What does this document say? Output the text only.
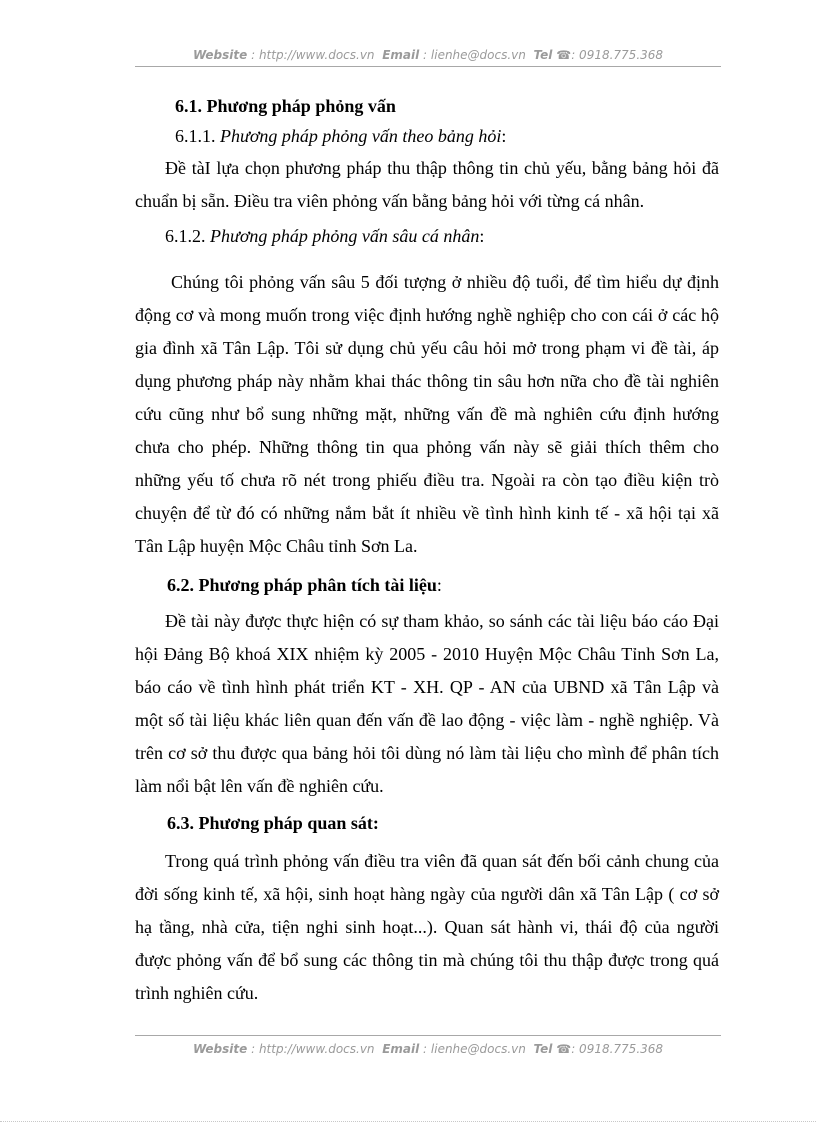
Website : http://www.docs.vn Email : lienhe@docs.vn Tel ☎: 0918.775.368
6.1. Phương pháp phỏng vấn
6.1.1. Phương pháp phỏng vấn theo bảng hỏi:

Đề tàI lựa chọn phương pháp thu thập thông tin chủ yếu, bằng bảng hỏi đã chuẩn bị sẵn. Điều tra viên phỏng vấn bằng bảng hỏi với từng cá nhân.

6.1.2. Phương pháp phỏng vấn sâu cá nhân:

Chúng tôi phỏng vấn sâu 5 đối tượng ở nhiều độ tuổi, để tìm hiểu dự định động cơ và mong muốn trong việc định hướng nghề nghiệp cho con cái ở các hộ gia đình xã Tân Lập. Tôi sử dụng chủ yếu câu hỏi mở trong phạm vi đề tài, áp dụng phương pháp này nhằm khai thác thông tin sâu hơn nữa cho đề tài nghiên cứu cũng như bổ sung những mặt, những vấn đề mà nghiên cứu định hướng chưa cho phép. Những thông tin qua phỏng vấn này sẽ giải thích thêm cho những yếu tố chưa rõ nét trong phiếu điều tra. Ngoài ra còn tạo điều kiện trò chuyện để từ đó có những nắm bắt ít nhiều về tình hình kinh tế - xã hội tại xã Tân Lập huyện Mộc Châu tỉnh Sơn La.

6.2. Phương pháp phân tích tài liệu:

Đề tài này được thực hiện có sự tham khảo, so sánh các tài liệu báo cáo Đại hội Đảng Bộ khoá XIX nhiệm kỳ 2005 - 2010 Huyện Mộc Châu Tỉnh Sơn La, báo cáo về tình hình phát triển KT - XH. QP - AN của UBND xã Tân Lập và một số tài liệu khác liên quan đến vấn đề lao động - việc làm - nghề nghiệp. Và trên cơ sở thu được qua bảng hỏi tôi dùng nó làm tài liệu cho mình để phân tích làm nổi bật lên vấn đề nghiên cứu.

6.3. Phương pháp quan sát:

Trong quá trình phỏng vấn điều tra viên đã quan sát đến bối cảnh chung của đời sống kinh tế, xã hội, sinh hoạt hàng ngày của người dân xã Tân Lập ( cơ sở hạ tầng, nhà cửa, tiện nghi sinh hoạt...). Quan sát hành vi, thái độ của người được phỏng vấn để bổ sung các thông tin mà chúng tôi thu thập được trong quá trình nghiên cứu.

Website : http://www.docs.vn Email : lienhe@docs.vn Tel ☎: 0918.775.368
